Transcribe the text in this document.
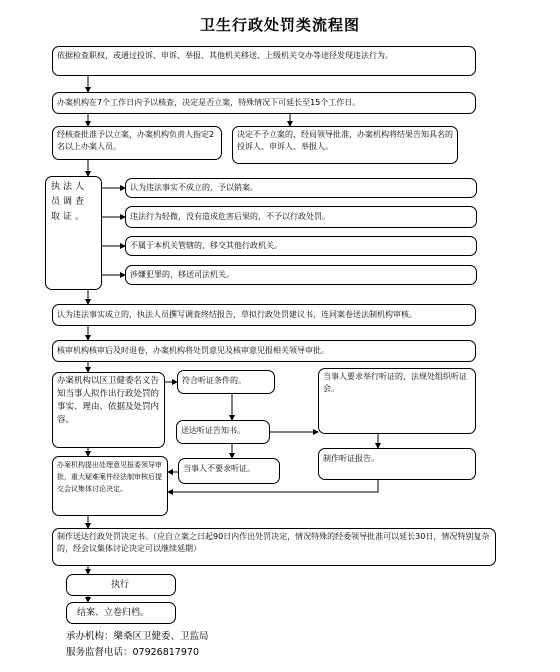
卫生行政处罚类流程图
依据检查职权，或通过投诉、申诉、举报、其他机关移送、上级机关交办等途径发现违法行为。
办案机构在7个工作日内予以核查，决定是否立案，特殊情况下可延长至15个工作日。
经核查批准予以立案，办案机构负责人指定2名以上办案人员。
决定不予立案的，经局领导批准，办案机构将结果告知具名的投诉人、申诉人、举报人。
执法人员调查取证。
认为违法事实不成立的，予以销案。
违法行为轻微，没有造成危害后果的，不予以行政处罚。
不属于本机关管辖的，移交其他行政机关。
涉嫌犯罪的，移送司法机关。
认为违法事实成立的，执法人员撰写调查终结报告，草拟行政处罚建议书，连同案卷送法制机构审核。
核审机构核审后及时退卷，办案机构将处罚意见及核审意见报相关领导审批。
办案机构以区卫健委名义告知当事人拟作出行政处罚的事实、理由、依据及处罚内容。
符合听证条件的。	当事人要求举行听证的，法规处组织听证会。
送达听证告知书。
办案机构提出处理意见报委领导审批，重大疑难案件经法制审核后提交会议集体讨论决定。
当事人不要求听证。
制作听证报告。
制作送达行政处罚决定书。（应自立案之日起90日内作出处罚决定，情况特殊的经委领导批准可以延长30日，情况特别复杂的，经会议集体讨论决定可以继续延期）
执行
结案、立卷归档。
承办机构：樂桑区卫健委、卫监局
服务监督电话：07926817970
